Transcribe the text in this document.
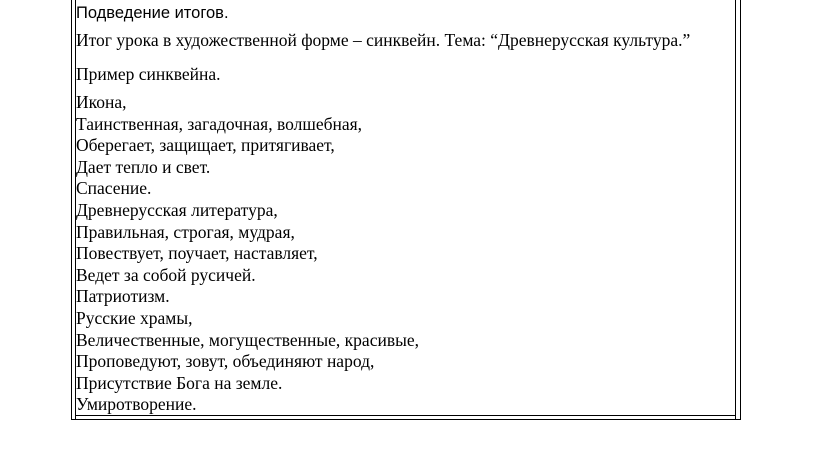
Подведение итогов.
Итог урока в художественной форме – синквейн. Тема: “Древнерусская культура.”
Пример синквейна.
Икона,
Таинственная, загадочная, волшебная,
Оберегает, защищает, притягивает,
Дает тепло и свет.
Спасение.
Древнерусская литература,
Правильная, строгая, мудрая,
Повествует, поучает, наставляет,
Ведет за собой русичей.
Патриотизм.
Русские храмы,
Величественные, могущественные, красивые,
Проповедуют, зовут, объединяют народ,
Присутствие Бога на земле.
Умиротворение.
